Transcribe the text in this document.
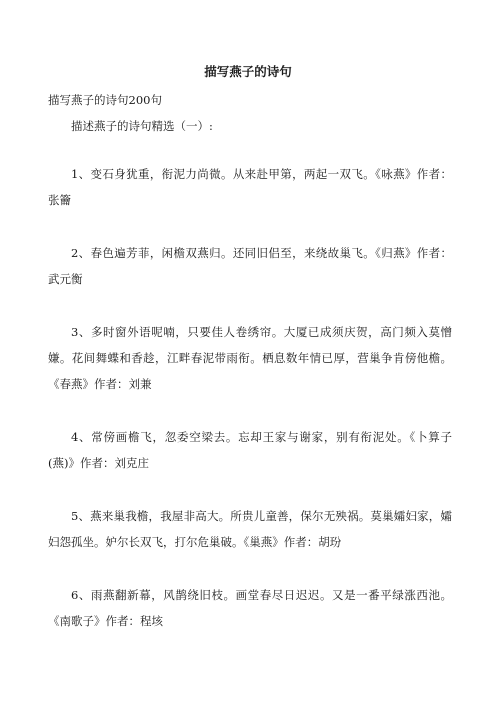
描写燕子的诗句

描写燕子的诗句200句

描述燕子的诗句精选（一）:

1、变石身犹重，衔泥力尚微。从来赴甲第，两起一双飞。《咏燕》作者：张籥

2、春色遍芳菲，闲檐双燕归。还同旧侣至，来绕故巢飞。《归燕》作者：武元衡

3、多时窗外语呢喃，只要佳人卷绣帘。大厦已成须庆贺，高门频入莫憎嫌。花间舞蝶和香趁，江畔春泥带雨衔。栖息数年情已厚，营巢争肯傍他檐。《春燕》作者：刘兼

4、常傍画檐飞，忽委空梁去。忘却王家与谢家，别有衔泥处。《卜算子(燕)》作者：刘克庄

5、燕来巢我檐，我屋非高大。所贵儿童善，保尔无殃祸。莫巢孀妇家，孀妇怨孤坐。妒尔长双飞，打尔危巢破。《巢燕》作者：胡玢

6、雨燕翻新幕，风鹊绕旧枝。画堂春尽日迟迟。又是一番平绿涨西池。《南歌子》作者：程垓
